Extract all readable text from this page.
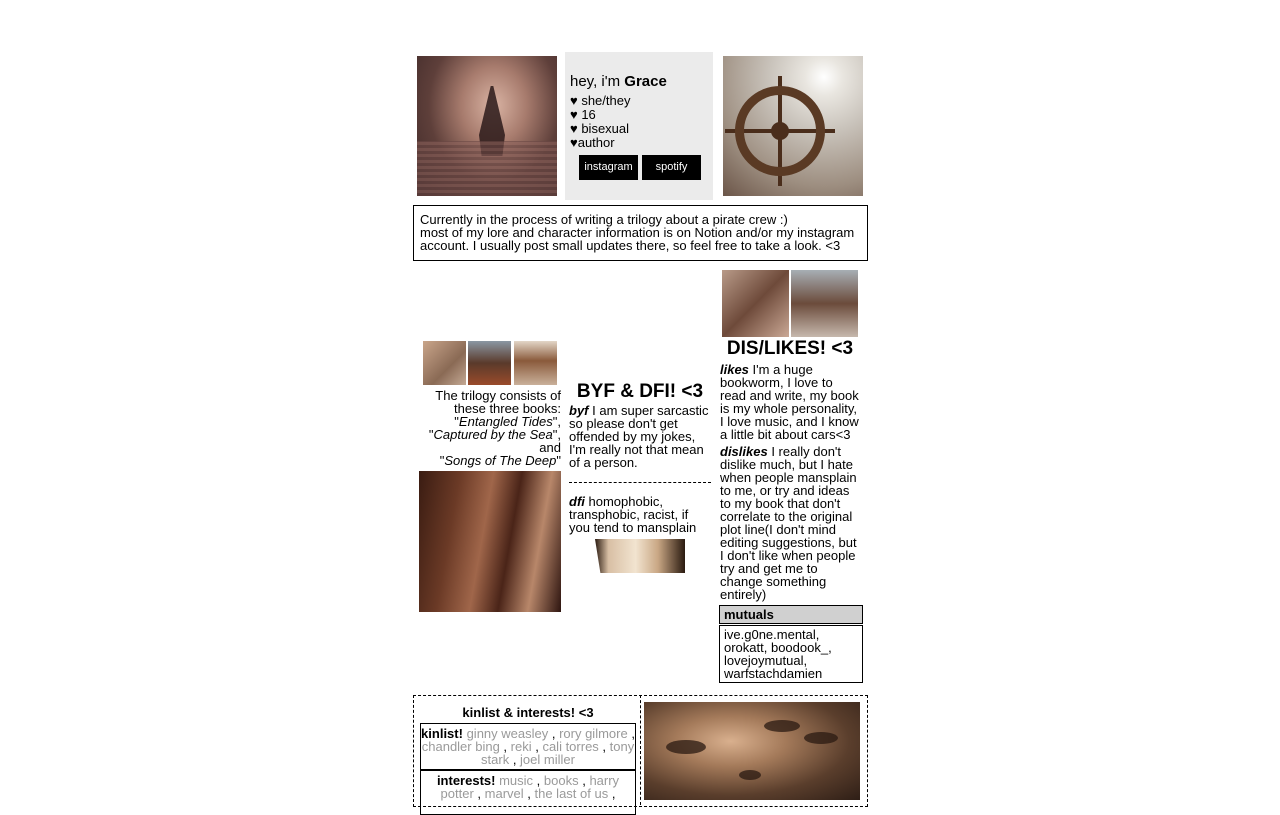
hey, i'm Grace
♥ she/they
♥ 16
♥ bisexual
♥author
instagram	spotify
Currently in the process of writing a trilogy about a pirate crew :)
most of my lore and character information is on Notion and/or my instagram account. I usually post small updates there, so feel free to take a look. <3
The trilogy consists of these three books:
"Entangled Tides",
"Captured by the Sea",
and
"Songs of The Deep"
BYF & DFI! <3
byf I am super sarcastic so please don't get offended by my jokes, I'm really not that mean of a person.
dfi homophobic, transphobic, racist, if you tend to mansplain
DIS/LIKES! <3
likes I'm a huge bookworm, I love to read and write, my book is my whole personality, I love music, and I know a little bit about cars<3
dislikes I really don't dislike much, but I hate when people mansplain to me, or try and ideas to my book that don't correlate to the original plot line(I don't mind editing suggestions, but I don't like when people try and get me to change something entirely)
mutuals
ive.g0ne.mental, orokatt, boodook_, lovejoymutual, warfstachdamien
kinlist & interests! <3
kinlist! ginny weasley , rory gilmore , chandler bing , reki , cali torres , tony stark , joel miller
interests! music , books , harry potter , marvel , the last of us ,
